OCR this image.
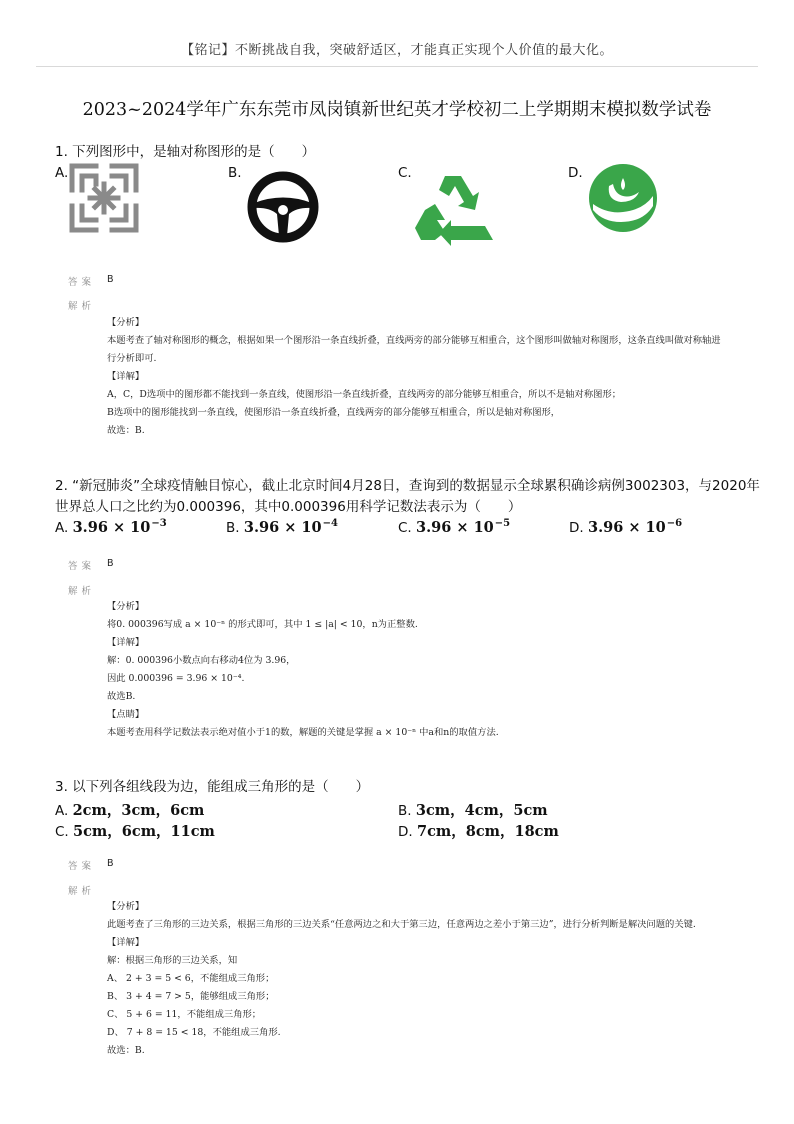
【铭记】不断挑战自我，突破舒适区，才能真正实现个人价值的最大化。
2023~2024学年广东东莞市凤岗镇新世纪英才学校初二上学期期末模拟数学试卷
1. 下列图形中，是轴对称图形的是（　　）
A.	B.	C.	D.
答案 B
解析
【分析】
本题考查了轴对称图形的概念，根据如果一个图形沿一条直线折叠，直线两旁的部分能够互相重合，这个图形叫做轴对称图形，这条直线叫做对称轴进行分析即可.
【详解】
A，C，D选项中的图形都不能找到一条直线，使图形沿一条直线折叠，直线两旁的部分能够互相重合，所以不是轴对称图形；
B选项中的图形能找到一条直线，使图形沿一条直线折叠，直线两旁的部分能够互相重合，所以是轴对称图形，
故选：B.
2. “新冠肺炎”全球疫情触目惊心，截止北京时间4月28日，查询到的数据显示全球累积确诊病例3002303，与2020年
世界总人口之比约为0.000396，其中0.000396用科学记数法表示为（　　）
A. $3.96 \times 10^{-3}$	B. $3.96 \times 10^{-4}$	C. $3.96 \times 10^{-5}$	D. $3.96 \times 10^{-6}$
答案 B
解析
【分析】
将0. 000396写成 a × 10⁻ⁿ 的形式即可，其中 1 ≤ |a| < 10，n为正整数.
【详解】
解：0. 000396小数点向右移动4位为 3.96，
因此 0.000396 = 3.96 × 10⁻⁴.
故选B.
【点睛】
本题考查用科学记数法表示绝对值小于1的数，解题的关键是掌握 a × 10⁻ⁿ 中a和n的取值方法.
3. 以下列各组线段为边，能组成三角形的是（　　）
A. 2cm，3cm，6cm	B. 3cm，4cm，5cm
C. 5cm，6cm，11cm	D. 7cm，8cm，18cm
答案 B
解析
【分析】
此题考查了三角形的三边关系，根据三角形的三边关系“任意两边之和大于第三边，任意两边之差小于第三边”，进行分析判断是解决问题的关键.
【详解】
解：根据三角形的三边关系，知
A、 2 + 3 = 5 < 6，不能组成三角形；
B、 3 + 4 = 7 > 5，能够组成三角形；
C、 5 + 6 = 11，不能组成三角形；
D、 7 + 8 = 15 < 18，不能组成三角形.
故选：B.
